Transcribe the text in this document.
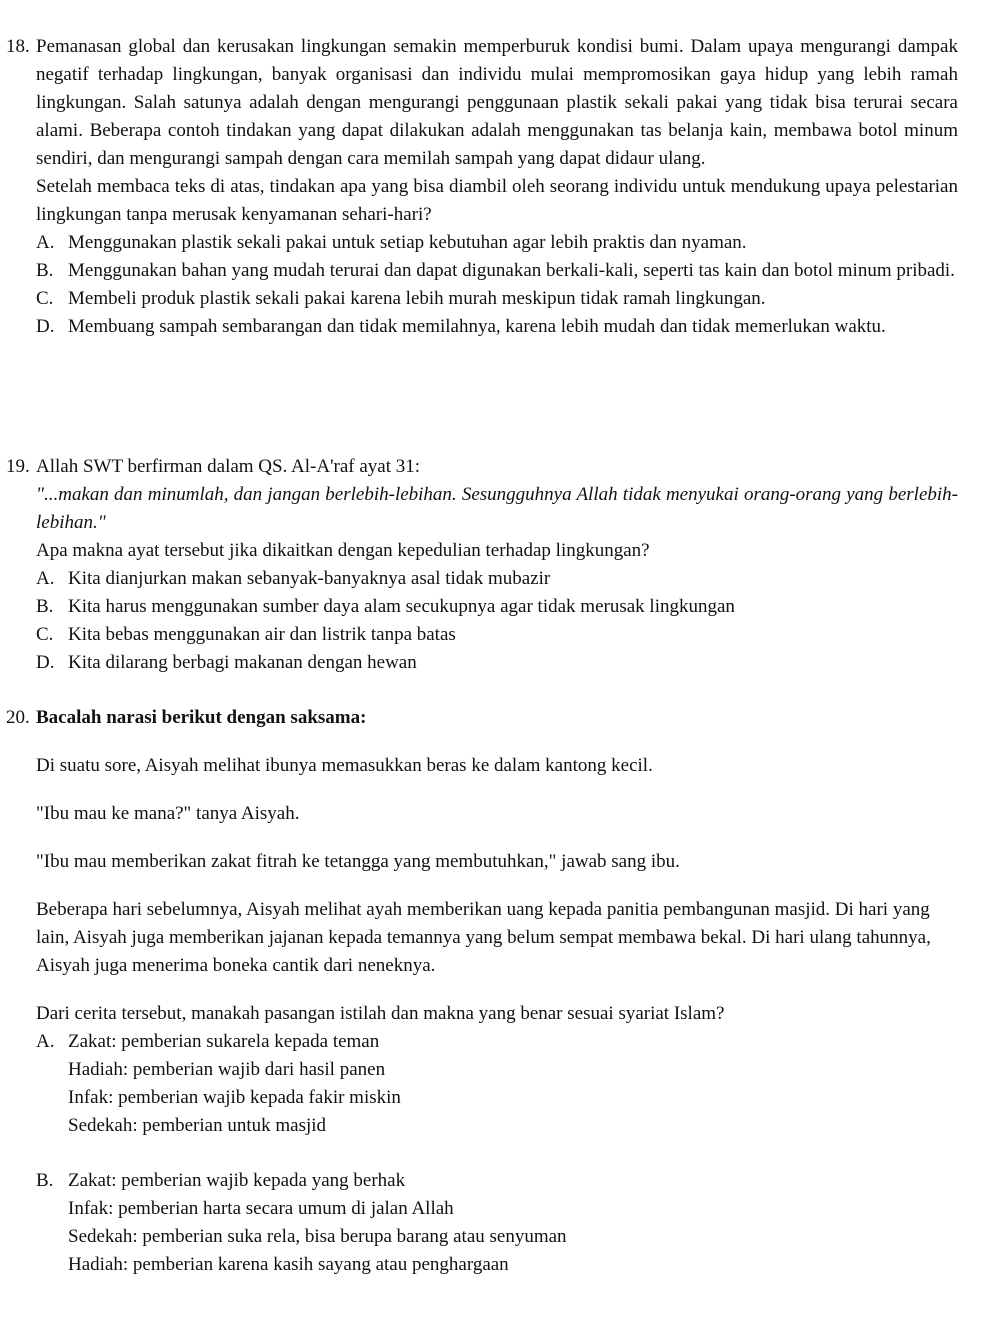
18. Pemanasan global dan kerusakan lingkungan semakin memperburuk kondisi bumi. Dalam upaya mengurangi dampak negatif terhadap lingkungan, banyak organisasi dan individu mulai mempromosikan gaya hidup yang lebih ramah lingkungan. Salah satunya adalah dengan mengurangi penggunaan plastik sekali pakai yang tidak bisa terurai secara alami. Beberapa contoh tindakan yang dapat dilakukan adalah menggunakan tas belanja kain, membawa botol minum sendiri, dan mengurangi sampah dengan cara memilah sampah yang dapat didaur ulang.
Setelah membaca teks di atas, tindakan apa yang bisa diambil oleh seorang individu untuk mendukung upaya pelestarian lingkungan tanpa merusak kenyamanan sehari-hari?
A. Menggunakan plastik sekali pakai untuk setiap kebutuhan agar lebih praktis dan nyaman.
B. Menggunakan bahan yang mudah terurai dan dapat digunakan berkali-kali, seperti tas kain dan botol minum pribadi.
C. Membeli produk plastik sekali pakai karena lebih murah meskipun tidak ramah lingkungan.
D. Membuang sampah sembarangan dan tidak memilahnya, karena lebih mudah dan tidak memerlukan waktu.
19. Allah SWT berfirman dalam QS. Al-A'raf ayat 31:
"...makan dan minumlah, dan jangan berlebih-lebihan. Sesungguhnya Allah tidak menyukai orang-orang yang berlebih-lebihan."
Apa makna ayat tersebut jika dikaitkan dengan kepedulian terhadap lingkungan?
A. Kita dianjurkan makan sebanyak-banyaknya asal tidak mubazir
B. Kita harus menggunakan sumber daya alam secukupnya agar tidak merusak lingkungan
C. Kita bebas menggunakan air dan listrik tanpa batas
D. Kita dilarang berbagi makanan dengan hewan
20. Bacalah narasi berikut dengan saksama:
Di suatu sore, Aisyah melihat ibunya memasukkan beras ke dalam kantong kecil.
"Ibu mau ke mana?" tanya Aisyah.
"Ibu mau memberikan zakat fitrah ke tetangga yang membutuhkan," jawab sang ibu.
Beberapa hari sebelumnya, Aisyah melihat ayah memberikan uang kepada panitia pembangunan masjid. Di hari yang lain, Aisyah juga memberikan jajanan kepada temannya yang belum sempat membawa bekal. Di hari ulang tahunnya, Aisyah juga menerima boneka cantik dari neneknya.
Dari cerita tersebut, manakah pasangan istilah dan makna yang benar sesuai syariat Islam?
A. Zakat: pemberian sukarela kepada teman
Hadiah: pemberian wajib dari hasil panen
Infak: pemberian wajib kepada fakir miskin
Sedekah: pemberian untuk masjid
B. Zakat: pemberian wajib kepada yang berhak
Infak: pemberian harta secara umum di jalan Allah
Sedekah: pemberian suka rela, bisa berupa barang atau senyuman
Hadiah: pemberian karena kasih sayang atau penghargaan
